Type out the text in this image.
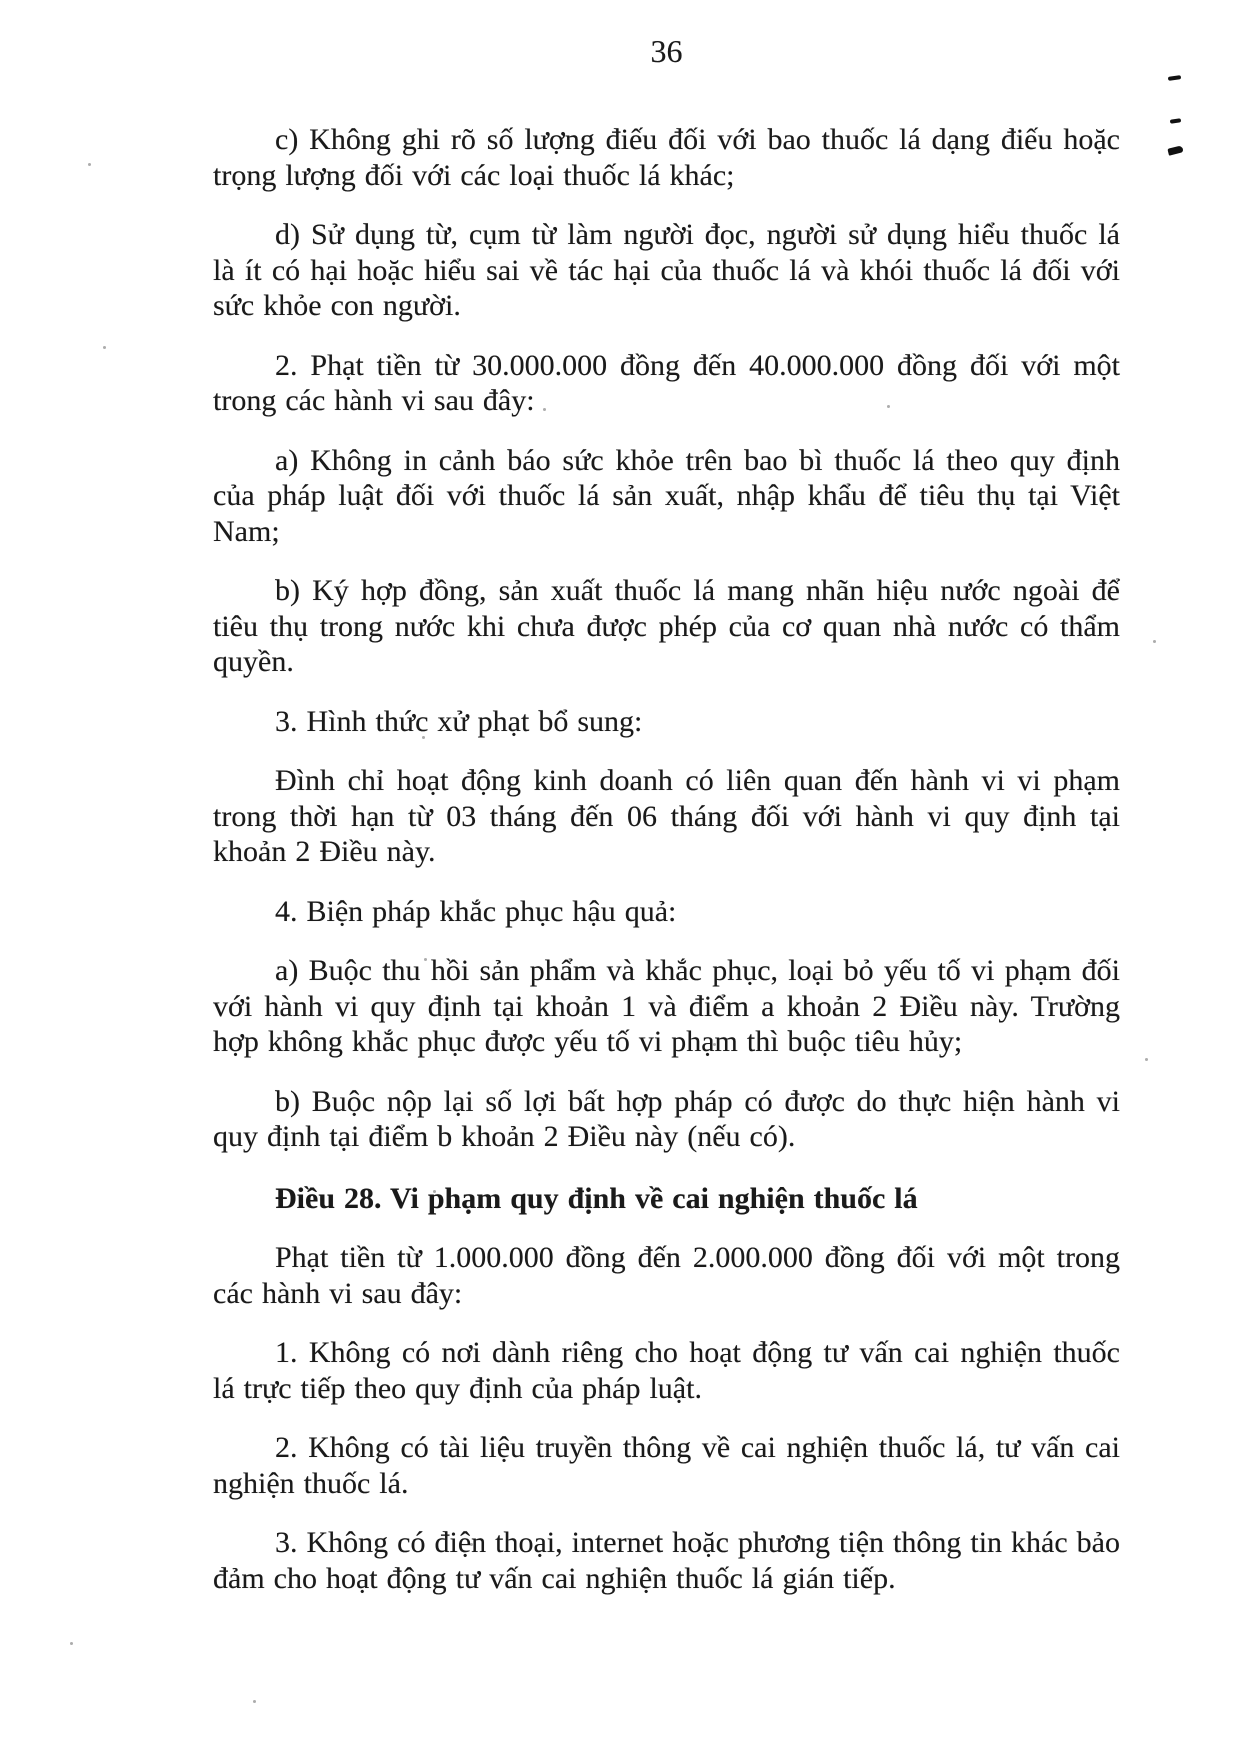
36

c) Không ghi rõ số lượng điếu đối với bao thuốc lá dạng điếu hoặc trọng lượng đối với các loại thuốc lá khác;

d) Sử dụng từ, cụm từ làm người đọc, người sử dụng hiểu thuốc lá là ít có hại hoặc hiểu sai về tác hại của thuốc lá và khói thuốc lá đối với sức khỏe con người.

2. Phạt tiền từ 30.000.000 đồng đến 40.000.000 đồng đối với một trong các hành vi sau đây:

a) Không in cảnh báo sức khỏe trên bao bì thuốc lá theo quy định của pháp luật đối với thuốc lá sản xuất, nhập khẩu để tiêu thụ tại Việt Nam;

b) Ký hợp đồng, sản xuất thuốc lá mang nhãn hiệu nước ngoài để tiêu thụ trong nước khi chưa được phép của cơ quan nhà nước có thẩm quyền.

3. Hình thức xử phạt bổ sung:

Đình chỉ hoạt động kinh doanh có liên quan đến hành vi vi phạm trong thời hạn từ 03 tháng đến 06 tháng đối với hành vi quy định tại khoản 2 Điều này.

4. Biện pháp khắc phục hậu quả:

a) Buộc thu hồi sản phẩm và khắc phục, loại bỏ yếu tố vi phạm đối với hành vi quy định tại khoản 1 và điểm a khoản 2 Điều này. Trường hợp không khắc phục được yếu tố vi phạm thì buộc tiêu hủy;

b) Buộc nộp lại số lợi bất hợp pháp có được do thực hiện hành vi quy định tại điểm b khoản 2 Điều này (nếu có).

Điều 28. Vi phạm quy định về cai nghiện thuốc lá

Phạt tiền từ 1.000.000 đồng đến 2.000.000 đồng đối với một trong các hành vi sau đây:

1. Không có nơi dành riêng cho hoạt động tư vấn cai nghiện thuốc lá trực tiếp theo quy định của pháp luật.

2. Không có tài liệu truyền thông về cai nghiện thuốc lá, tư vấn cai nghiện thuốc lá.

3. Không có điện thoại, internet hoặc phương tiện thông tin khác bảo đảm cho hoạt động tư vấn cai nghiện thuốc lá gián tiếp.
